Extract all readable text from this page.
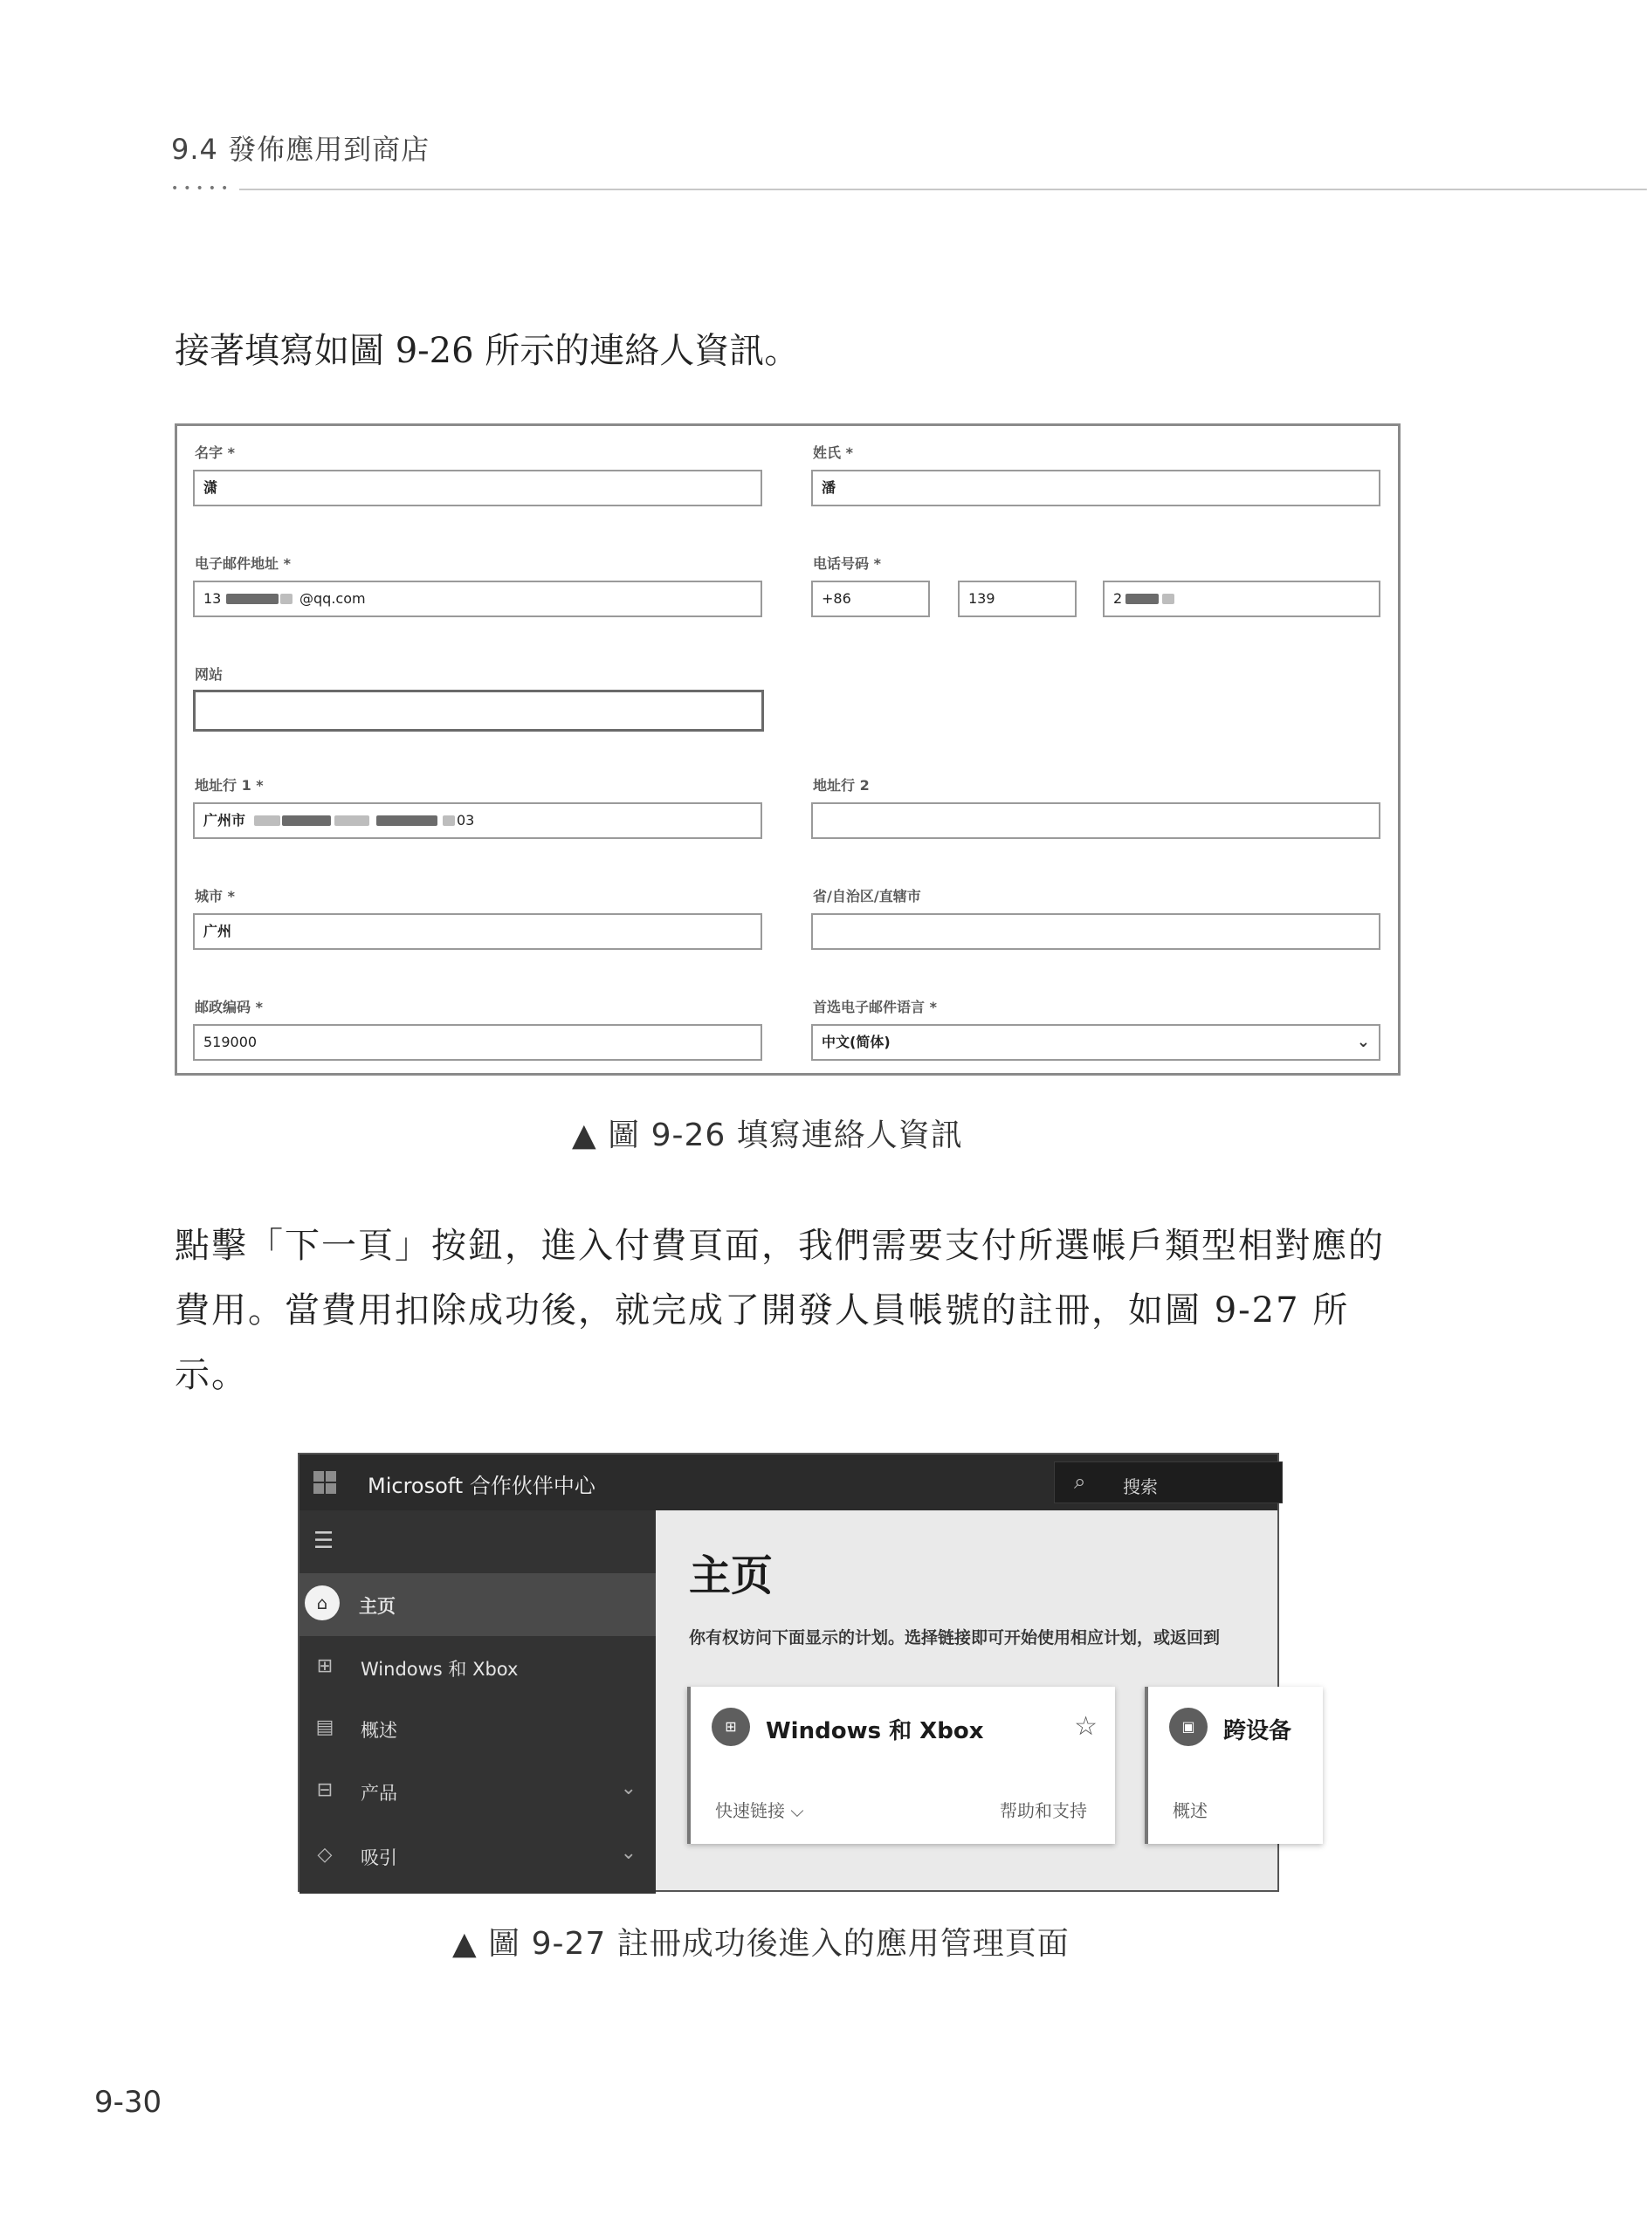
9.4 發佈應用到商店
•••••
接著填寫如圖 9-26 所示的連絡人資訊。
名字 *
潇
姓氏 *
潘
电子邮件地址 *
13	@qq.com
电话号码 *
+86	139	2
网站
地址行 1 *
广州市	03
地址行 2
城市 *
广州
省/自治区/直辖市
邮政编码 *
519000
首选电子邮件语言 *
中文(简体)	⌄
▲ 圖 9-26 填寫連絡人資訊
點擊「下一頁」按鈕，進入付費頁面，我們需要支付所選帳戶類型相對應的費用。當費用扣除成功後，就完成了開發人員帳號的註冊，如圖 9-27 所示。
Microsoft 合作伙伴中心	⌕ 搜索
☰
⌂	主页
⊞ Windows 和 Xbox
▤ 概述
⊟ 产品	⌄
◇ 吸引	⌄
主页
你有权访问下面显示的计划。选择链接即可开始使用相应计划，或返回到
⊞	Windows 和 Xbox	☆
快速链接 ⌵	帮助和支持
▣	跨设备
概述
▲ 圖 9-27 註冊成功後進入的應用管理頁面
9-30
